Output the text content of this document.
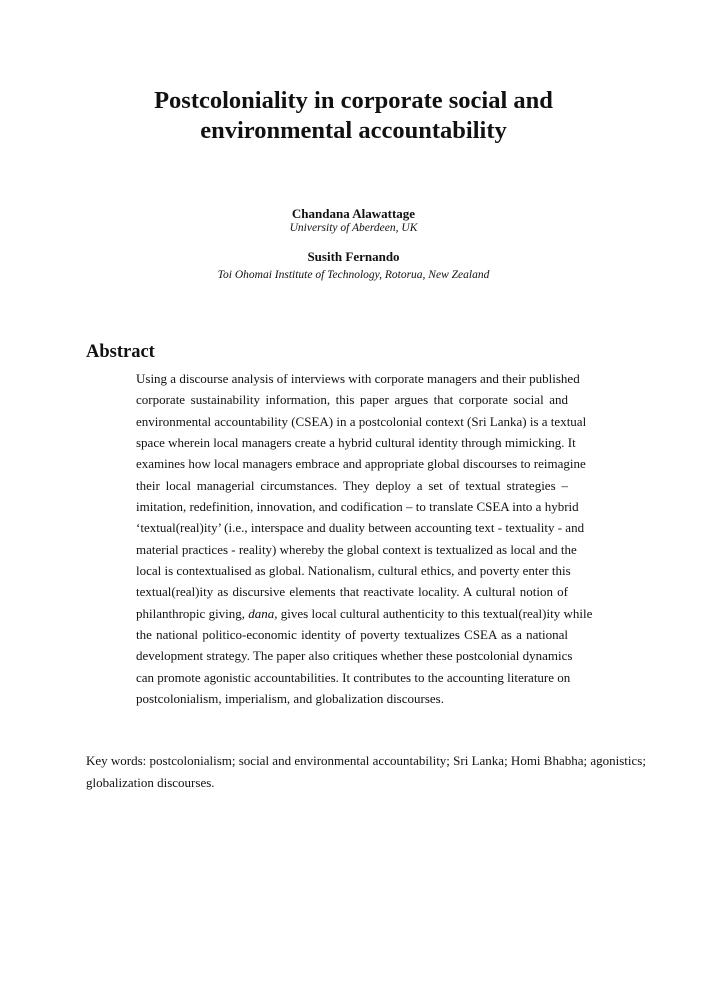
Postcoloniality in corporate social and
environmental accountability
Chandana Alawattage
University of Aberdeen, UK
Susith Fernando
Toi Ohomai Institute of Technology, Rotorua, New Zealand
Abstract
Using a discourse analysis of interviews with corporate managers and their published
corporate sustainability information, this paper argues that corporate social and
environmental accountability (CSEA) in a postcolonial context (Sri Lanka) is a textual
space wherein local managers create a hybrid cultural identity through mimicking. It
examines how local managers embrace and appropriate global discourses to reimagine
their local managerial circumstances. They deploy a set of textual strategies –
imitation, redefinition, innovation, and codification – to translate CSEA into a hybrid
‘textual(real)ity’ (i.e., interspace and duality between accounting text - textuality - and
material practices - reality) whereby the global context is textualized as local and the
local is contextualised as global. Nationalism, cultural ethics, and poverty enter this
textual(real)ity as discursive elements that reactivate locality. A cultural notion of
philanthropic giving, dana, gives local cultural authenticity to this textual(real)ity while
the national politico-economic identity of poverty textualizes CSEA as a national
development strategy. The paper also critiques whether these postcolonial dynamics
can promote agonistic accountabilities. It contributes to the accounting literature on
postcolonialism, imperialism, and globalization discourses.
Key words: postcolonialism; social and environmental accountability; Sri Lanka; Homi Bhabha; agonistics; globalization discourses.
